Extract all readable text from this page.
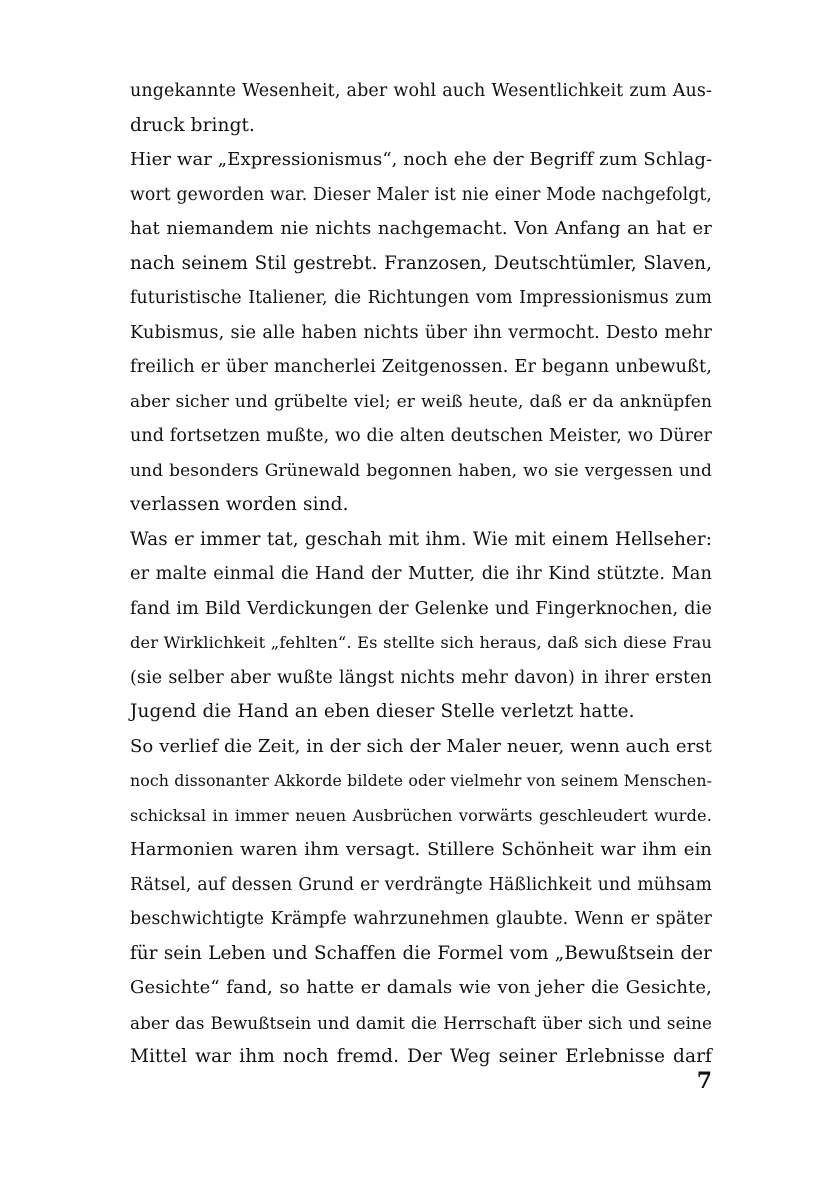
ungekannte Wesenheit, aber wohl auch Wesentlichkeit zum Aus-
druck bringt.
Hier war „Expressionismus“, noch ehe der Begriff zum Schlag-
wort geworden war. Dieser Maler ist nie einer Mode nachgefolgt,
hat niemandem nie nichts nachgemacht. Von Anfang an hat er
nach seinem Stil gestrebt. Franzosen, Deutschtümler, Slaven,
futuristische Italiener, die Richtungen vom Impressionismus zum
Kubismus, sie alle haben nichts über ihn vermocht. Desto mehr
freilich er über mancherlei Zeitgenossen. Er begann unbewußt,
aber sicher und grübelte viel; er weiß heute, daß er da anknüpfen
und fortsetzen mußte, wo die alten deutschen Meister, wo Dürer
und besonders Grünewald begonnen haben, wo sie vergessen und
verlassen worden sind.
Was er immer tat, geschah mit ihm. Wie mit einem Hellseher:
er malte einmal die Hand der Mutter, die ihr Kind stützte. Man
fand im Bild Verdickungen der Gelenke und Fingerknochen, die
der Wirklichkeit „fehlten“. Es stellte sich heraus, daß sich diese Frau
(sie selber aber wußte längst nichts mehr davon) in ihrer ersten
Jugend die Hand an eben dieser Stelle verletzt hatte.
So verlief die Zeit, in der sich der Maler neuer, wenn auch erst
noch dissonanter Akkorde bildete oder vielmehr von seinem Menschen-
schicksal in immer neuen Ausbrüchen vorwärts geschleudert wurde.
Harmonien waren ihm versagt. Stillere Schönheit war ihm ein
Rätsel, auf dessen Grund er verdrängte Häßlichkeit und mühsam
beschwichtigte Krämpfe wahrzunehmen glaubte. Wenn er später
für sein Leben und Schaffen die Formel vom „Bewußtsein der
Gesichte“ fand, so hatte er damals wie von jeher die Gesichte,
aber das Bewußtsein und damit die Herrschaft über sich und seine
Mittel war ihm noch fremd. Der Weg seiner Erlebnisse darf
7
